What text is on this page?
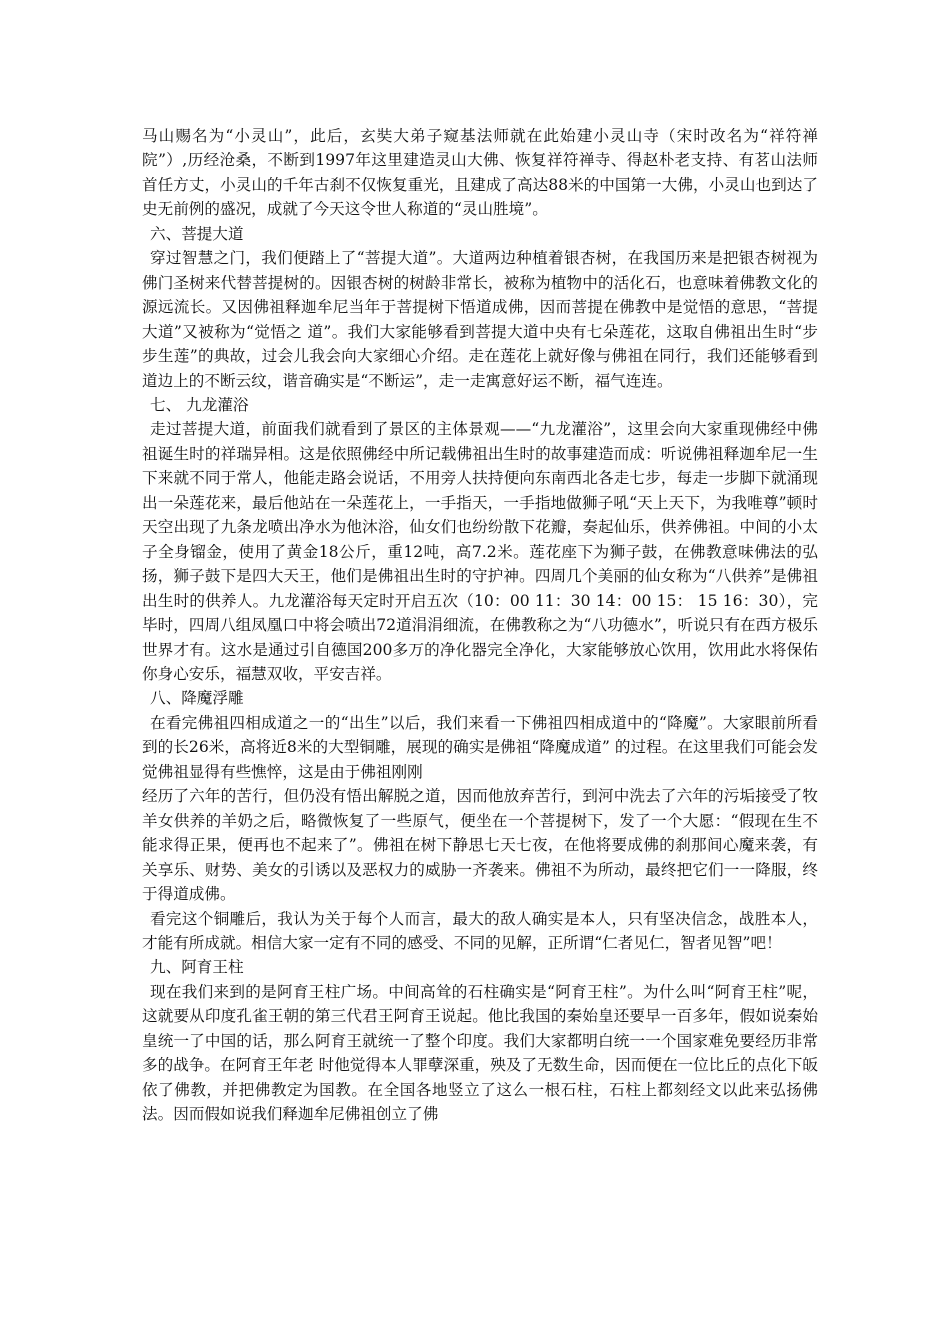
马山赐名为“小灵山”，此后，玄奘大弟子窥基法师就在此始建小灵山寺（宋时改名为“祥符禅院”）,历经沧桑，不断到1997年这里建造灵山大佛、恢复祥符禅寺、得赵朴老支持、有茗山法师首任方丈，小灵山的千年古刹不仅恢复重光，且建成了高达88米的中国第一大佛，小灵山也到达了史无前例的盛况，成就了今天这令世人称道的“灵山胜境”。

六、菩提大道

穿过智慧之门，我们便踏上了“菩提大道”。大道两边种植着银杏树，在我国历来是把银杏树视为佛门圣树来代替菩提树的。因银杏树的树龄非常长，被称为植物中的活化石，也意味着佛教文化的源远流长。又因佛祖释迦牟尼当年于菩提树下悟道成佛，因而菩提在佛教中是觉悟的意思，“菩提大道”又被称为“觉悟之 道”。我们大家能够看到菩提大道中央有七朵莲花，这取自佛祖出生时“步步生莲”的典故，过会儿我会向大家细心介绍。走在莲花上就好像与佛祖在同行，我们还能够看到道边上的不断云纹，谐音确实是“不断运”，走一走寓意好运不断，福气连连。

七、 九龙灌浴

走过菩提大道，前面我们就看到了景区的主体景观——“九龙灌浴”，这里会向大家重现佛经中佛祖诞生时的祥瑞异相。这是依照佛经中所记载佛祖出生时的故事建造而成：听说佛祖释迦牟尼一生下来就不同于常人，他能走路会说话，不用旁人扶持便向东南西北各走七步，每走一步脚下就涌现出一朵莲花来，最后他站在一朵莲花上，一手指天，一手指地做狮子吼“天上天下，为我唯尊”顿时天空出现了九条龙喷出净水为他沐浴，仙女们也纷纷散下花瓣，奏起仙乐，供养佛祖。中间的小太子全身镏金，使用了黄金18公斤，重12吨，高7.2米。莲花座下为狮子鼓，在佛教意味佛法的弘扬，狮子鼓下是四大天王，他们是佛祖出生时的守护神。四周几个美丽的仙女称为“八供养”是佛祖出生时的供养人。九龙灌浴每天定时开启五次（10：00 11：30 14：00 15： 15 16：30），完毕时，四周八组凤凰口中将会喷出72道涓涓细流，在佛教称之为“八功德水”，听说只有在西方极乐世界才有。这水是通过引自德国200多万的净化器完全净化，大家能够放心饮用，饮用此水将保佑你身心安乐，福慧双收，平安吉祥。

八、降魔浮雕

在看完佛祖四相成道之一的“出生”以后，我们来看一下佛祖四相成道中的“降魔”。大家眼前所看到的长26米，高将近8米的大型铜雕，展现的确实是佛祖“降魔成道” 的过程。在这里我们可能会发觉佛祖显得有些憔悴，这是由于佛祖刚刚

经历了六年的苦行，但仍没有悟出解脱之道，因而他放弃苦行，到河中洗去了六年的污垢接受了牧羊女供养的羊奶之后，略微恢复了一些原气，便坐在一个菩提树下，发了一个大愿：“假现在生不能求得正果，便再也不起来了”。佛祖在树下静思七天七夜，在他将要成佛的刹那间心魔来袭，有关享乐、财势、美女的引诱以及恶权力的威胁一齐袭来。佛祖不为所动，最终把它们一一降服，终于得道成佛。

看完这个铜雕后，我认为关于每个人而言，最大的敌人确实是本人，只有坚决信念，战胜本人，才能有所成就。相信大家一定有不同的感受、不同的见解，正所谓“仁者见仁，智者见智”吧！

九、阿育王柱

现在我们来到的是阿育王柱广场。中间高耸的石柱确实是“阿育王柱”。为什么叫“阿育王柱”呢，这就要从印度孔雀王朝的第三代君王阿育王说起。他比我国的秦始皇还要早一百多年，假如说秦始皇统一了中国的话，那么阿育王就统一了整个印度。我们大家都明白统一一个国家难免要经历非常多的战争。在阿育王年老 时他觉得本人罪孽深重，殃及了无数生命，因而便在一位比丘的点化下皈依了佛教，并把佛教定为国教。在全国各地竖立了这么一根石柱，石柱上都刻经文以此来弘扬佛法。因而假如说我们释迦牟尼佛祖创立了佛
